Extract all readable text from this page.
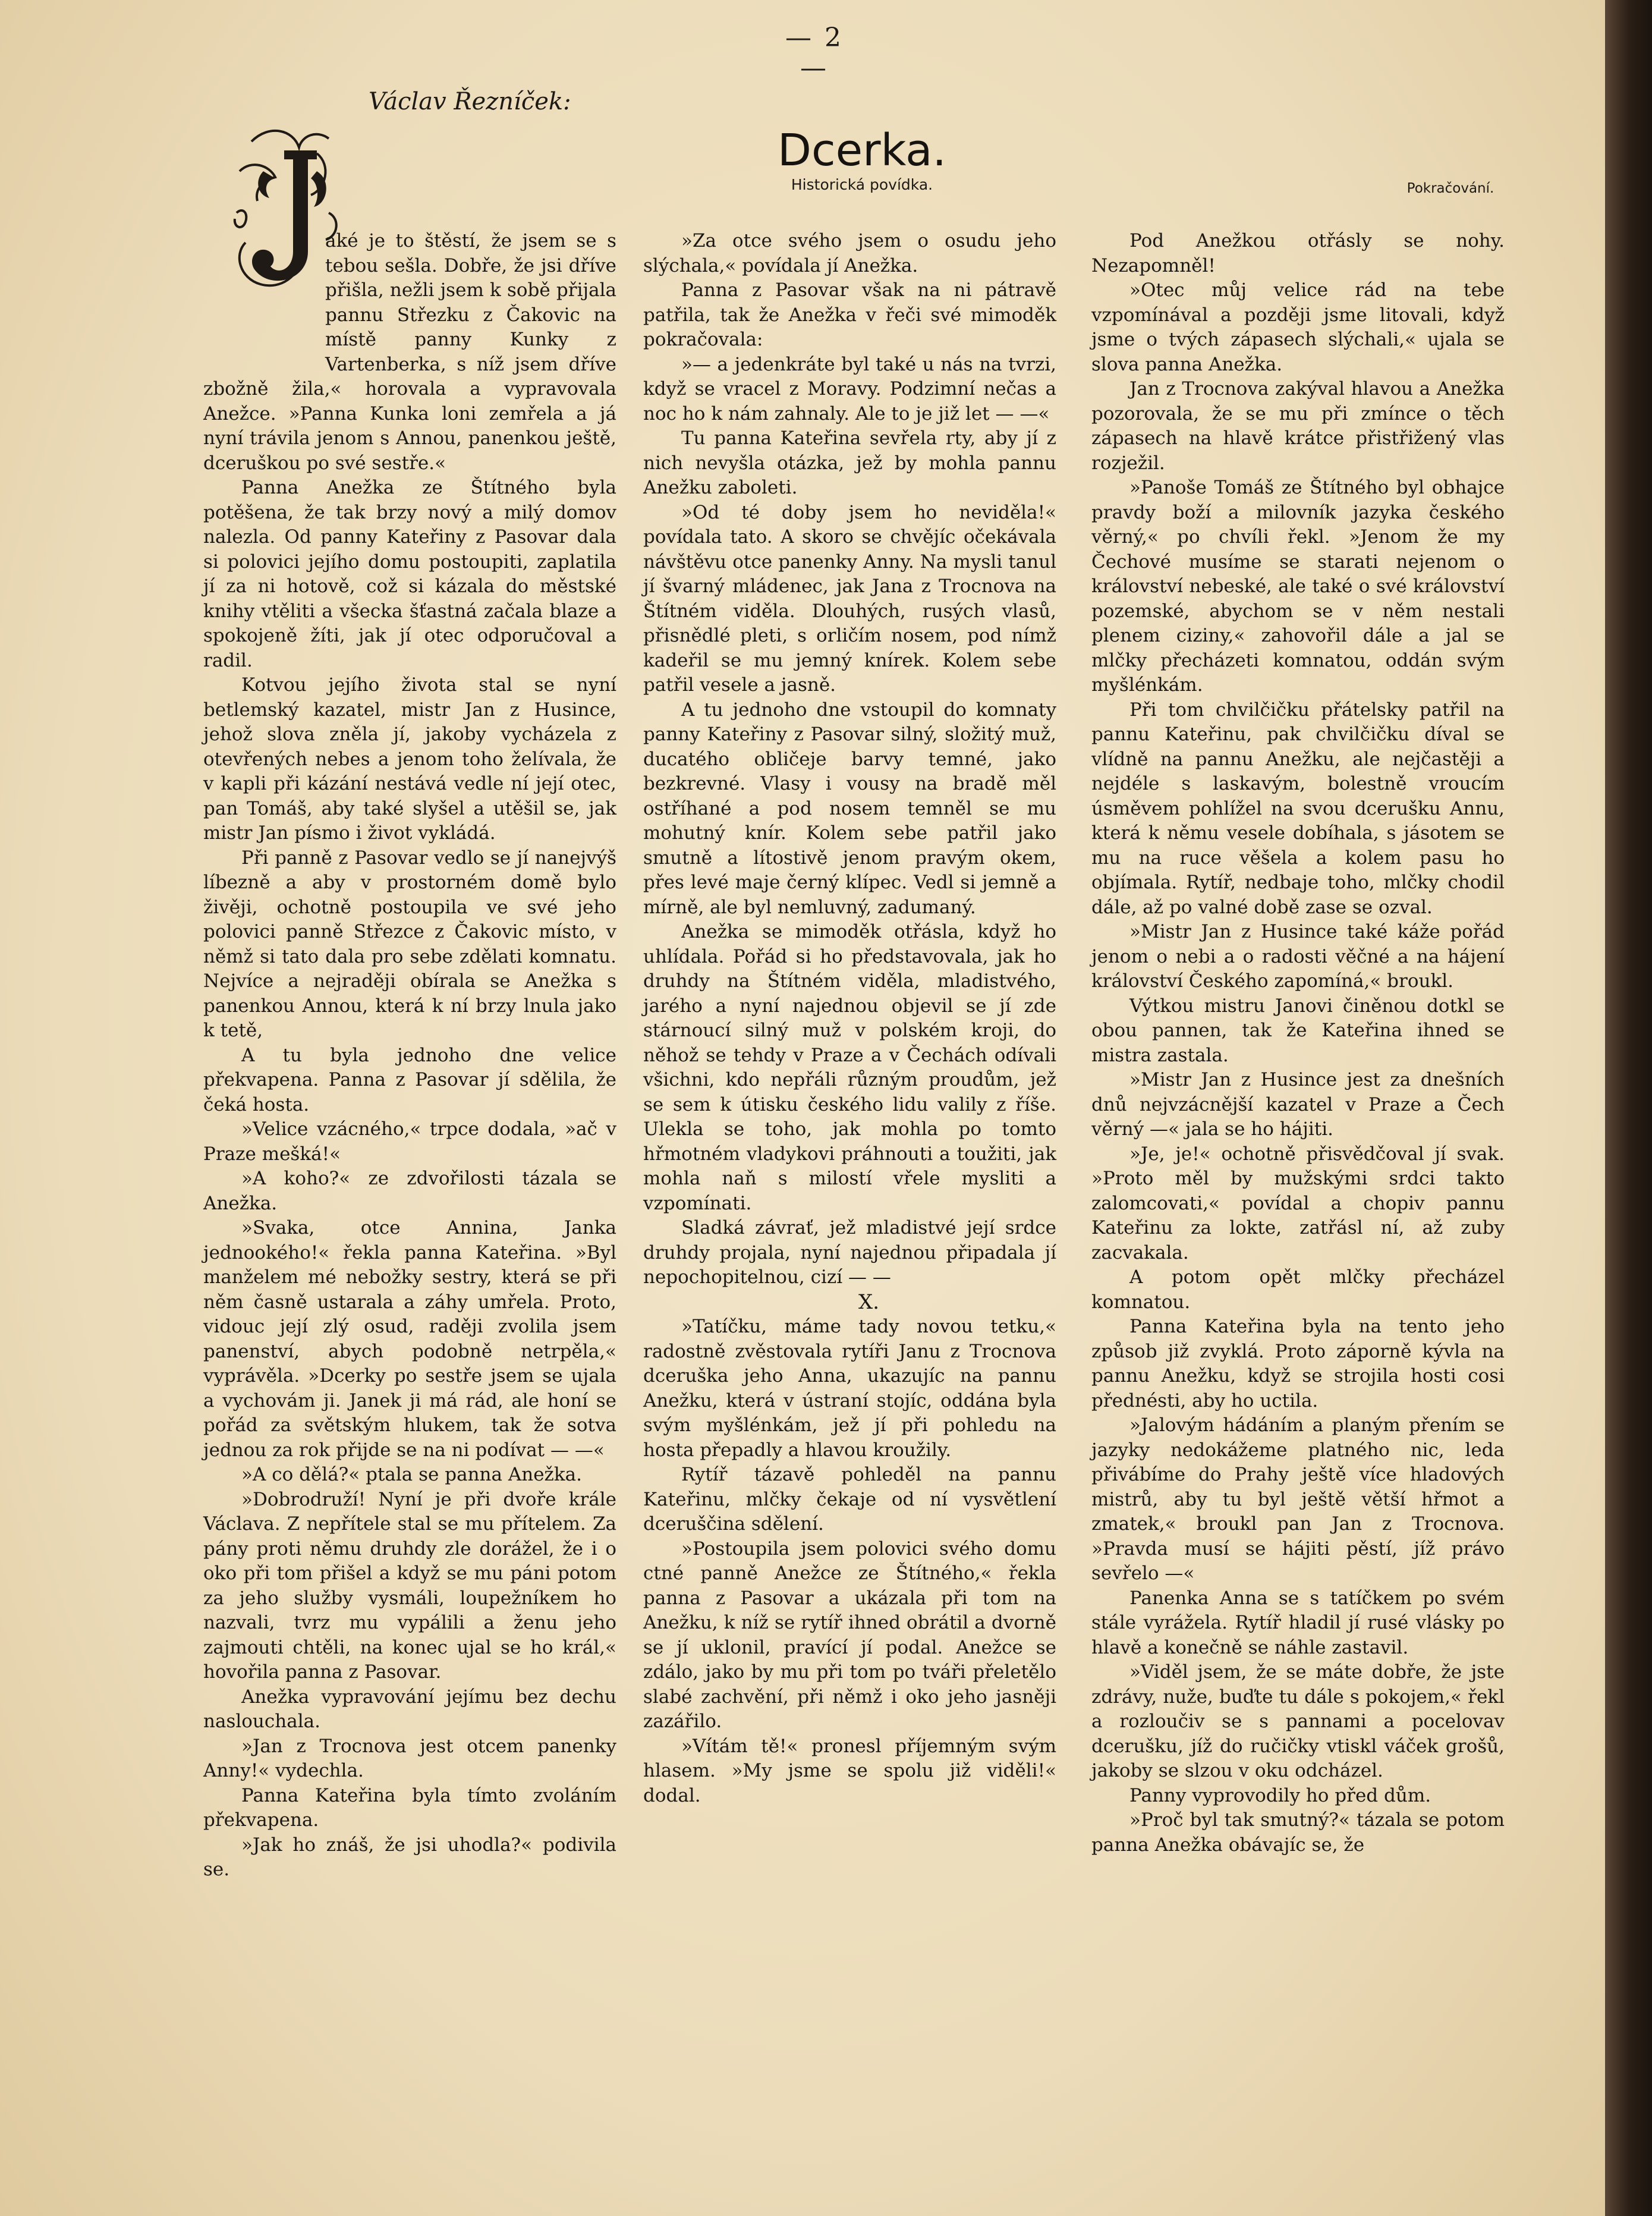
— 2 —
Václav Řezníček:
Dcerka.
Historická povídka.	Pokračování.

aké je to štěstí, že jsem se s tebou sešla. Dobře, že jsi dříve přišla, nežli jsem k sobě přijala pannu Střezku z Čakovic na místě panny Kunky z Vartenberka, s níž jsem dříve zbožně žila,« horovala a vypravovala Anežce. »Panna Kunka loni zemřela a já nyní trávila jenom s Annou, panenkou ještě, dceruškou po své sestře.«

Panna Anežka ze Štítného byla potěšena, že tak brzy nový a milý domov nalezla. Od panny Kateřiny z Pasovar dala si polovici jejího domu postoupiti, zaplatila jí za ni hotově, což si kázala do městské knihy vtěliti a všecka šťastná začala blaze a spokojeně žíti, jak jí otec odporučoval a radil.

Kotvou jejího života stal se nyní betlemský kazatel, mistr Jan z Husince, jehož slova zněla jí, jakoby vycházela z otevřených nebes a jenom toho želívala, že v kapli při kázání nestává vedle ní její otec, pan Tomáš, aby také slyšel a utěšil se, jak mistr Jan písmo i život vykládá.

Při panně z Pasovar vedlo se jí nanejvýš líbezně a aby v prostorném domě bylo živěji, ochotně postoupila ve své jeho polovici panně Střezce z Čakovic místo, v němž si tato dala pro sebe zdělati komnatu. Nejvíce a nejraději obírala se Anežka s panenkou Annou, která k ní brzy lnula jako k tetě,

A tu byla jednoho dne velice překvapena. Panna z Pasovar jí sdělila, že čeká hosta.

»Velice vzácného,« trpce dodala, »ač v Praze mešká!«

»A koho?« ze zdvořilosti tázala se Anežka.

»Svaka, otce Annina, Janka jednookého!« řekla panna Kateřina. »Byl manželem mé nebožky sestry, která se při něm časně ustarala a záhy umřela. Proto, vidouc její zlý osud, raději zvolila jsem panenství, abych podobně netrpěla,« vyprávěla. »Dcerky po sestře jsem se ujala a vychovám ji. Janek ji má rád, ale honí se pořád za světským hlukem, tak že sotva jednou za rok přijde se na ni podívat — —«

»A co dělá?« ptala se panna Anežka.

»Dobrodruží! Nyní je při dvoře krále Václava. Z nepřítele stal se mu přítelem. Za pány proti němu druhdy zle dorážel, že i o oko při tom přišel a když se mu páni potom za jeho služby vysmáli, loupežníkem ho nazvali, tvrz mu vypálili a ženu jeho zajmouti chtěli, na konec ujal se ho král,« hovořila panna z Pasovar.

Anežka vypravování jejímu bez dechu naslouchala.

»Jan z Trocnova jest otcem panenky Anny!« vydechla.

Panna Kateřina byla tímto zvoláním překvapena.

»Jak ho znáš, že jsi uhodla?« podivila se.

»Za otce svého jsem o osudu jeho slýchala,« povídala jí Anežka.

Panna z Pasovar však na ni pátravě patřila, tak že Anežka v řeči své mimoděk pokračovala:

»— a jedenkráte byl také u nás na tvrzi, když se vracel z Moravy. Podzimní nečas a noc ho k nám zahnaly. Ale to je již let — —«

Tu panna Kateřina sevřela rty, aby jí z nich nevyšla otázka, jež by mohla pannu Anežku zaboleti.

»Od té doby jsem ho neviděla!« povídala tato. A skoro se chvějíc očekávala návštěvu otce panenky Anny. Na mysli tanul jí švarný mládenec, jak Jana z Trocnova na Štítném viděla. Dlouhých, rusých vlasů, přisnědlé pleti, s orličím nosem, pod nímž kadeřil se mu jemný knírek. Kolem sebe patřil vesele a jasně.

A tu jednoho dne vstoupil do komnaty panny Kateřiny z Pasovar silný, složitý muž, ducatého obličeje barvy temné, jako bezkrevné. Vlasy i vousy na bradě měl ostříhané a pod nosem temněl se mu mohutný knír. Kolem sebe patřil jako smutně a lítostivě jenom pravým okem, přes levé maje černý klípec. Vedl si jemně a mírně, ale byl nemluvný, zadumaný.

Anežka se mimoděk otřásla, když ho uhlídala. Pořád si ho představovala, jak ho druhdy na Štítném viděla, mladistvého, jarého a nyní najednou objevil se jí zde stárnoucí silný muž v polském kroji, do něhož se tehdy v Praze a v Čechách odívali všichni, kdo nepřáli různým proudům, jež se sem k útisku českého lidu valily z říše. Ulekla se toho, jak mohla po tomto hřmotném vladykovi práhnouti a toužiti, jak mohla naň s milostí vřele mysliti a vzpomínati.

Sladká závrať, jež mladistvé její srdce druhdy projala, nyní najednou připadala jí nepochopitelnou, cizí — —

X.

»Tatíčku, máme tady novou tetku,« radostně zvěstovala rytíři Janu z Trocnova dceruška jeho Anna, ukazujíc na pannu Anežku, která v ústraní stojíc, oddána byla svým myšlénkám, jež jí při pohledu na hosta přepadly a hlavou kroužily.

Rytíř tázavě pohleděl na pannu Kateřinu, mlčky čekaje od ní vysvětlení dceruščina sdělení.

»Postoupila jsem polovici svého domu ctné panně Anežce ze Štítného,« řekla panna z Pasovar a ukázala při tom na Anežku, k níž se rytíř ihned obrátil a dvorně se jí uklonil, pravící jí podal. Anežce se zdálo, jako by mu při tom po tváři přeletělo slabé zachvění, při němž i oko jeho jasněji zazářilo.

»Vítám tě!« pronesl příjemným svým hlasem. »My jsme se spolu již viděli!« dodal.

Pod Anežkou otřásly se nohy. Nezapomněl!

»Otec můj velice rád na tebe vzpomínával a později jsme litovali, když jsme o tvých zápasech slýchali,« ujala se slova panna Anežka.

Jan z Trocnova zakýval hlavou a Anežka pozorovala, že se mu při zmínce o těch zápasech na hlavě krátce přistřižený vlas rozježil.

»Panoše Tomáš ze Štítného byl obhajce pravdy boží a milovník jazyka českého věrný,« po chvíli řekl. »Jenom že my Čechové musíme se starati nejenom o království nebeské, ale také o své království pozemské, abychom se v něm nestali plenem ciziny,« zahovořil dále a jal se mlčky přecházeti komnatou, oddán svým myšlénkám.

Při tom chvilčičku přátelsky patřil na pannu Kateřinu, pak chvilčičku díval se vlídně na pannu Anežku, ale nejčastěji a nejdéle s laskavým, bolestně vroucím úsměvem pohlížel na svou dcerušku Annu, která k němu vesele dobíhala, s jásotem se mu na ruce věšela a kolem pasu ho objímala. Rytíř, nedbaje toho, mlčky chodil dále, až po valné době zase se ozval.

»Mistr Jan z Husince také káže pořád jenom o nebi a o radosti věčné a na hájení království Českého zapomíná,« broukl.

Výtkou mistru Janovi činěnou dotkl se obou pannen, tak že Kateřina ihned se mistra zastala.

»Mistr Jan z Husince jest za dnešních dnů nejvzácnější kazatel v Praze a Čech věrný —« jala se ho hájiti.

»Je, je!« ochotně přisvědčoval jí svak. »Proto měl by mužskými srdci takto zalomcovati,« povídal a chopiv pannu Kateřinu za lokte, zatřásl ní, až zuby zacvakala.

A potom opět mlčky přecházel komnatou.

Panna Kateřina byla na tento jeho způsob již zvyklá. Proto záporně kývla na pannu Anežku, když se strojila hosti cosi přednésti, aby ho uctila.

»Jalovým hádáním a planým přením se jazyky nedokážeme platného nic, leda přivábíme do Prahy ještě více hladových mistrů, aby tu byl ještě větší hřmot a zmatek,« broukl pan Jan z Trocnova. »Pravda musí se hájiti pěstí, jíž právo sevřelo —«

Panenka Anna se s tatíčkem po svém stále vyrážela. Rytíř hladil jí rusé vlásky po hlavě a konečně se náhle zastavil.

»Viděl jsem, že se máte dobře, že jste zdrávy, nuže, buďte tu dále s pokojem,« řekl a rozloučiv se s pannami a pocelovav dcerušku, jíž do ručičky vtiskl váček grošů, jakoby se slzou v oku odcházel.

Panny vyprovodily ho před dům.

»Proč byl tak smutný?« tázala se potom panna Anežka obávajíc se, že
